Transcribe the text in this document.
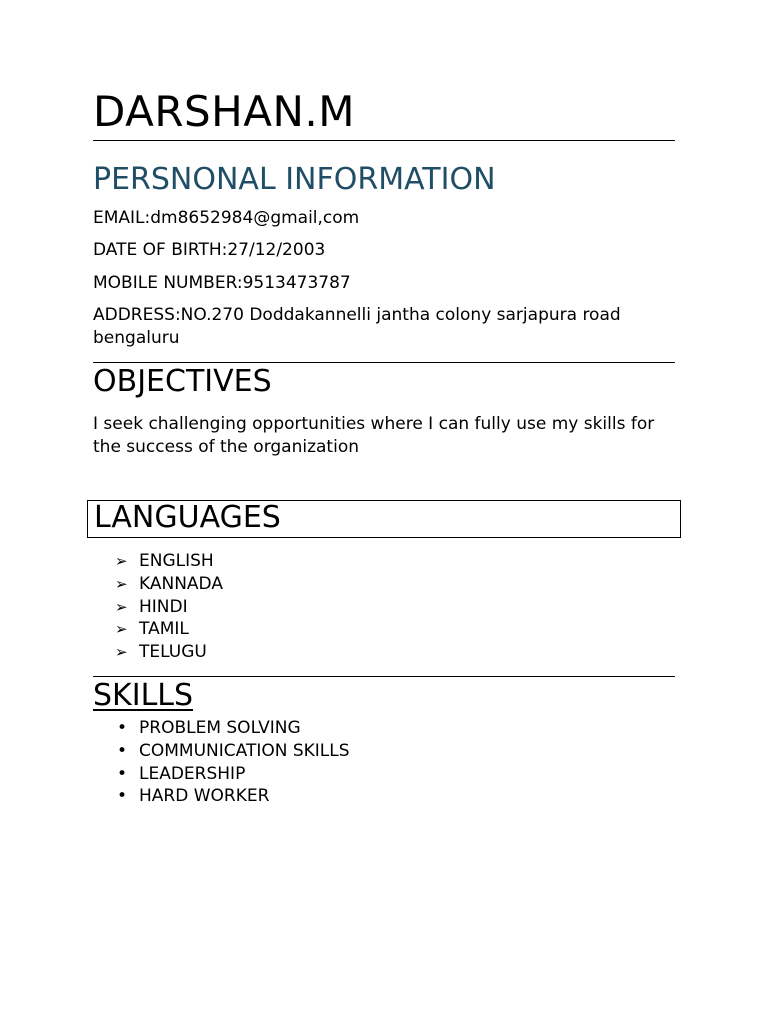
DARSHAN.M
PERSNONAL INFORMATION

EMAIL:dm8652984@gmail,com

DATE OF BIRTH:27/12/2003

MOBILE NUMBER:9513473787

ADDRESS:NO.270 Doddakannelli jantha colony sarjapura road bengaluru

OBJECTIVES

I seek challenging opportunities where I can fully use my skills for the success of the organization

LANGUAGES
➢ ENGLISH
➢ KANNADA
➢ HINDI
➢ TAMIL
➢ TELUGU
SKILLS
• PROBLEM SOLVING
• COMMUNICATION SKILLS
• LEADERSHIP
• HARD WORKER
